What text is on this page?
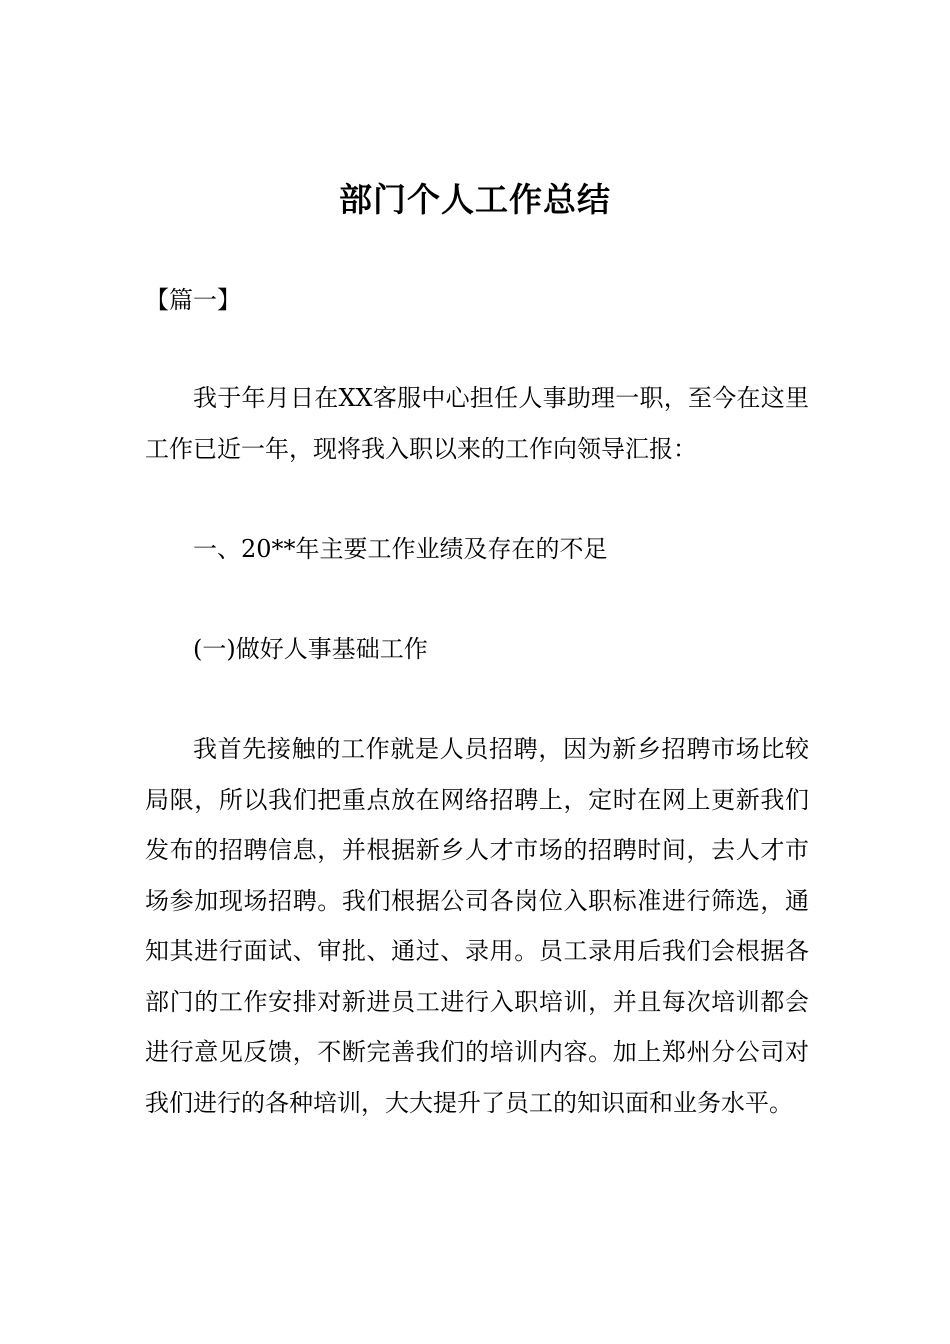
部门个人工作总结
【篇一】

我于年月日在XX客服中心担任人事助理一职，至今在这里工作已近一年，现将我入职以来的工作向领导汇报：

一、20**年主要工作业绩及存在的不足

(一)做好人事基础工作

我首先接触的工作就是人员招聘，因为新乡招聘市场比较局限，所以我们把重点放在网络招聘上，定时在网上更新我们发布的招聘信息，并根据新乡人才市场的招聘时间，去人才市场参加现场招聘。我们根据公司各岗位入职标准进行筛选，通知其进行面试、审批、通过、录用。员工录用后我们会根据各部门的工作安排对新进员工进行入职培训，并且每次培训都会进行意见反馈，不断完善我们的培训内容。加上郑州分公司对我们进行的各种培训，大大提升了员工的知识面和业务水平。
